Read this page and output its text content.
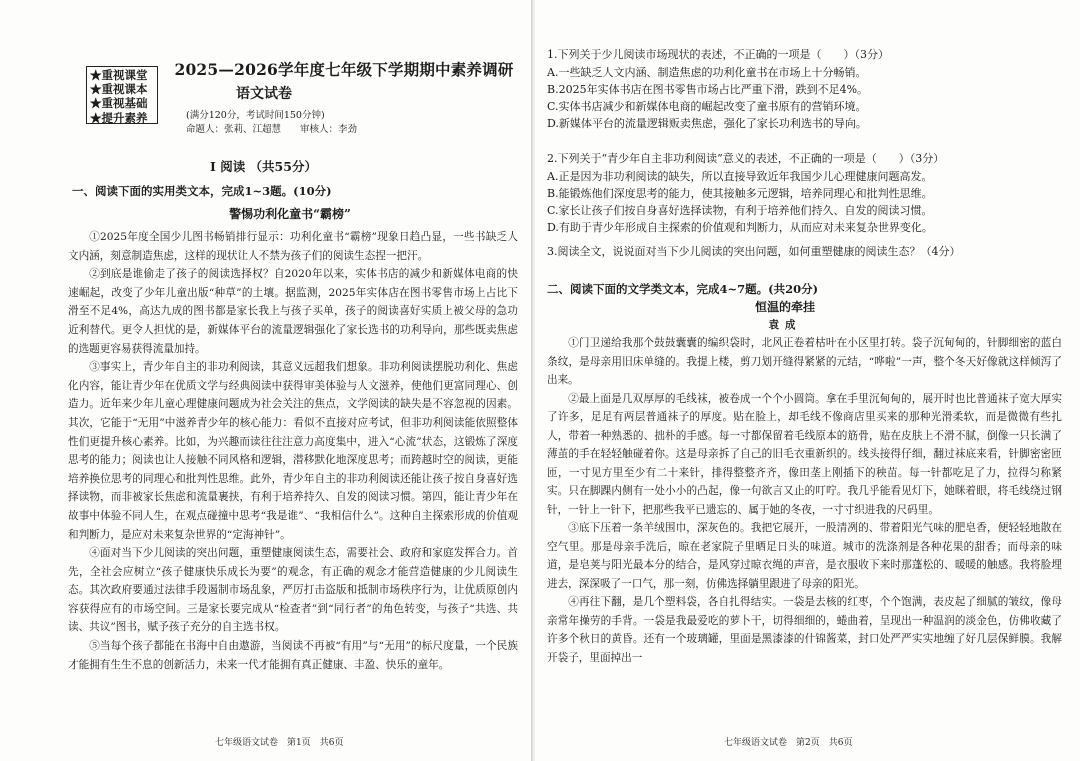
★重视课堂
★重视课本
★重视基础
★提升素养
2025—2026学年度七年级下学期期中素养调研
语文试卷
(满分120分，考试时间150分钟)
命题人：张莉、江超慧　　审核人：李劲
Ⅰ 阅读 （共55分）
一、阅读下面的实用类文本，完成1~3题。(10分)
警惕功利化童书“霸榜”
①2025年度全国少儿图书畅销排行显示：功利化童书“霸榜”现象日趋凸显，一些书缺乏人文内涵，刻意制造焦虑，这样的现状让人不禁为孩子们的阅读生态捏一把汗。
②到底是谁偷走了孩子的阅读选择权？自2020年以来，实体书店的减少和新媒体电商的快速崛起，改变了少年儿童出版“种草”的土壤。据监测，2025年实体店在图书零售市场上占比下滑至不足4%，高达九成的图书都是家长我上与孩子买单，孩子的阅读喜好实质上被父母的急功近利替代。更令人担忧的是，新媒体平台的流量逻辑强化了家长选书的功利导向，那些既卖焦虑的选题更容易获得流量加持。
③事实上，青少年自主的非功利阅读，其意义远超我们想象。非功利阅读摆脱功利化、焦虑化内容，能让青少年在优质文学与经典阅读中获得审美体验与人文滋养，使他们更富同理心、创造力。近年来少年儿童心理健康问题成为社会关注的焦点，文学阅读的缺失是不容忽视的因素。其次，它能于“无用”中滋养青少年的核心能力：看似不直接对应考试，但非功利阅读能依照整体性们更提升核心素养。比如，为兴趣而读往往注意力高度集中，进入“心流”状态，这锻炼了深度思考的能力；阅读也让人接触不同风格和逻辑，潜移默化地深度思考；而跨越时空的阅读，更能培养换位思考的同理心和批判性思维。此外，青少年自主的非功利阅读还能让孩子按自身喜好选择读物，而非被家长焦虑和流量裹挟，有利于培养持久、自发的阅读习惯。第四，能让青少年在故事中体验不同人生，在观点碰撞中思考“我是谁”、“我相信什么”。这种自主探索形成的价值观和判断力，是应对未来复杂世界的“定海神针”。
④面对当下少儿阅读的突出问题，重塑健康阅读生态，需要社会、政府和家庭发挥合力。首先，全社会应树立“孩子健康快乐成长为要”的观念，有正确的观念才能营造健康的少儿阅读生态。其次政府要通过法律手段遏制市场乱象，严厉打击盗版和抵制市场秩序行为，让优质原创内容获得应有的市场空间。三是家长要完成从“检查者”到“同行者”的角色转变，与孩子“共选、共读、共议”图书，赋予孩子充分的自主选书权。
⑤当每个孩子都能在书海中自由遨游，当阅读不再被“有用”与“无用”的标尺度量，一个民族才能拥有生生不息的创新活力，未来一代才能拥有真正健康、丰盈、快乐的童年。
七年级语文试卷　第1页　共6页
1.下列关于少儿阅读市场现状的表述，不正确的一项是（　　）（3分）
A.一些缺乏人文内涵、制造焦虑的功利化童书在市场上十分畅销。
B.2025年实体书店在图书零售市场占比严重下滑，跌到不足4%。
C.实体书店减少和新媒体电商的崛起改变了童书原有的营销环境。
D.新媒体平台的流量逻辑贩卖焦虑，强化了家长功利选书的导向。
2.下列关于“青少年自主非功利阅读”意义的表述，不正确的一项是（　　）（3分）
A.正是因为非功利阅读的缺失，所以直接导致近年我国少儿心理健康问题高发。
B.能锻炼他们深度思考的能力，使其接触多元逻辑，培养同理心和批判性思维。
C.家长让孩子们按自身喜好选择读物，有利于培养他们持久、自发的阅读习惯。
D.有助于青少年形成自主探索的价值观和判断力，从而应对未来复杂世界变化。
3.阅读全文，说说面对当下少儿阅读的突出问题，如何重塑健康的阅读生态？（4分）
二、阅读下面的文学类文本，完成4~7题。(共20分)
恒温的牵挂
袁成
①门卫递给我那个鼓鼓囊囊的编织袋时，北风正卷着枯叶在小区里打转。袋子沉甸甸的，针脚细密的蓝白条纹，是母亲用旧床单缝的。我提上楼，剪刀划开缝得紧紧的元结，“哗啦”一声，整个冬天好像就这样倾泻了出来。
②最上面是几双厚厚的毛线袜，被卷成一个个小圆筒。拿在手里沉甸甸的，展开时也比普通袜子宽大厚实了许多，足足有两层普通袜子的厚度。贴在脸上，却毛线不像商店里买来的那种光滑柔软，而是微微有些扎人，带着一种熟悉的、拙朴的手感。每一寸都保留着毛线原本的筋骨，贴在皮肤上不滑不腻，倒像一只长满了薄茧的手在轻轻触碰着你。这是母亲拆了自己的旧毛衣重新织的。线头接得仔细，翻过袜底来看，针脚密密匝匝，一寸见方里至少有二十来针，排得整整齐齐，像田垄上刚插下的秧苗。每一针都吃足了力，拉得匀称紧实。只在脚踝内侧有一处小小的凸起，像一句欲言又止的叮咛。我几乎能看见灯下，她眯着眼，将毛线绕过钢针，一针上一针下，把那些我平已遗忘的、属于她的冬夜，一寸寸织进我的尺码里。
③底下压着一条羊绒围巾，深灰色的。我把它展开，一股清冽的、带着阳光气味的肥皂香，便轻轻地散在空气里。那是母亲手洗后，晾在老家院子里晒足日头的味道。城市的洗涤剂是各种花果的甜香；而母亲的味道，是皂荚与阳光最本分的结合，是风穿过晾衣绳的声音，是衣服收下来时那蓬松的、暖暖的触感。我将脸埋进去，深深吸了一口气，那一刻，仿佛选择躺里跟进了母亲的阳光。
④再往下翻，是几个塑料袋，各自扎得结实。一袋是去核的红枣，个个饱满，表皮起了细腻的皱纹，像母亲常年操劳的手背。一袋是我最爱吃的萝卜干，切得细细的，蜷曲着，呈现出一种温润的淡金色，仿佛收藏了许多个秋日的黄昏。还有一个玻璃罐，里面是黑漆漆的什锦酱菜，封口处严严实实地缠了好几层保鲜膜。我解开袋子，里面掉出一
七年级语文试卷　第2页　共6页
